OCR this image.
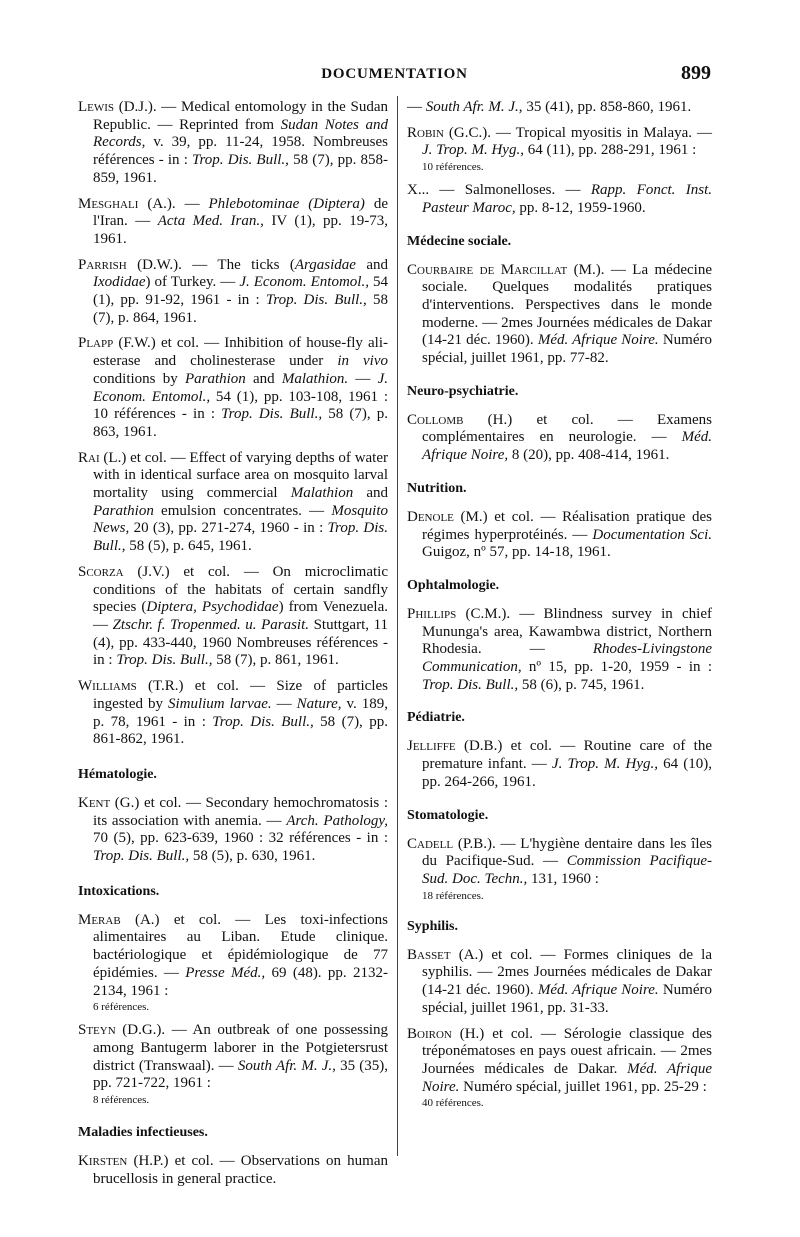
DOCUMENTATION	899
Lewis (D.J.). — Medical entomology in the Sudan Republic. — Reprinted from Sudan Notes and Records, v. 39, pp. 11-24, 1958. Nombreuses références - in : Trop. Dis. Bull., 58 (7), pp. 858-859, 1961.
Mesghali (A.). — Phlebotominae (Diptera) de l'Iran. — Acta Med. Iran., IV (1), pp. 19-73, 1961.
Parrish (D.W.). — The ticks (Argasidae and Ixodidae) of Turkey. — J. Econom. Entomol., 54 (1), pp. 91-92, 1961 - in : Trop. Dis. Bull., 58 (7), p. 864, 1961.
Plapp (F.W.) et col. — Inhibition of house-fly ali-esterase and cholinesterase under in vivo conditions by Parathion and Malathion. — J. Econom. Entomol., 54 (1), pp. 103-108, 1961 : 10 références - in : Trop. Dis. Bull., 58 (7), p. 863, 1961.
Rai (L.) et col. — Effect of varying depths of water with in identical surface area on mosquito larval mortality using commercial Malathion and Parathion emulsion concentrates. — Mosquito News, 20 (3), pp. 271-274, 1960 - in : Trop. Dis. Bull., 58 (5), p. 645, 1961.
Scorza (J.V.) et col. — On microclimatic conditions of the habitats of certain sandfly species (Diptera, Psychodidae) from Venezuela. — Ztschr. f. Tropenmed. u. Parasit. Stuttgart, 11 (4), pp. 433-440, 1960 Nombreuses références - in : Trop. Dis. Bull., 58 (7), p. 861, 1961.
Williams (T.R.) et col. — Size of particles ingested by Simulium larvae. — Nature, v. 189, p. 78, 1961 - in : Trop. Dis. Bull., 58 (7), pp. 861-862, 1961.
Hématologie.
Kent (G.) et col. — Secondary hemochromatosis : its association with anemia. — Arch. Pathology, 70 (5), pp. 623-639, 1960 : 32 références - in : Trop. Dis. Bull., 58 (5), p. 630, 1961.
Intoxications.
Merab (A.) et col. — Les toxi-infections alimentaires au Liban. Etude clinique. bactériologique et épidémiologique de 77 épidémies. — Presse Méd., 69 (48). pp. 2132-2134, 1961 :
6 références.
Steyn (D.G.). — An outbreak of one possessing among Bantugerm laborer in the Potgietersrust district (Transwaal). — South Afr. M. J., 35 (35), pp. 721-722, 1961 :
8 références.
Maladies infectieuses.
Kirsten (H.P.) et col. — Observations on human brucellosis in general practice.
— South Afr. M. J., 35 (41), pp. 858-860, 1961.
Robin (G.C.). — Tropical myositis in Malaya. — J. Trop. M. Hyg., 64 (11), pp. 288-291, 1961 :
10 références.
X... — Salmonelloses. — Rapp. Fonct. Inst. Pasteur Maroc, pp. 8-12, 1959-1960.
Médecine sociale.
Courbaire de Marcillat (M.). — La médecine sociale. Quelques modalités pratiques d'interventions. Perspectives dans le monde moderne. — 2mes Journées médicales de Dakar (14-21 déc. 1960). Méd. Afrique Noire. Numéro spécial, juillet 1961, pp. 77-82.
Neuro-psychiatrie.
Collomb (H.) et col. — Examens complémentaires en neurologie. — Méd. Afrique Noire, 8 (20), pp. 408-414, 1961.
Nutrition.
Denole (M.) et col. — Réalisation pratique des régimes hyperprotéinés. — Documentation Sci. Guigoz, nº 57, pp. 14-18, 1961.
Ophtalmologie.
Phillips (C.M.). — Blindness survey in chief Mununga's area, Kawambwa district, Northern Rhodesia. — Rhodes-Livingstone Communication, nº 15, pp. 1-20, 1959 - in : Trop. Dis. Bull., 58 (6), p. 745, 1961.
Pédiatrie.
Jelliffe (D.B.) et col. — Routine care of the premature infant. — J. Trop. M. Hyg., 64 (10), pp. 264-266, 1961.
Stomatologie.
Cadell (P.B.). — L'hygiène dentaire dans les îles du Pacifique-Sud. — Commission Pacifique-Sud. Doc. Techn., 131, 1960 :
18 références.
Syphilis.
Basset (A.) et col. — Formes cliniques de la syphilis. — 2mes Journées médicales de Dakar (14-21 déc. 1960). Méd. Afrique Noire. Numéro spécial, juillet 1961, pp. 31-33.
Boiron (H.) et col. — Sérologie classique des tréponématoses en pays ouest africain. — 2mes Journées médicales de Dakar. Méd. Afrique Noire. Numéro spécial, juillet 1961, pp. 25-29 :
40 références.
